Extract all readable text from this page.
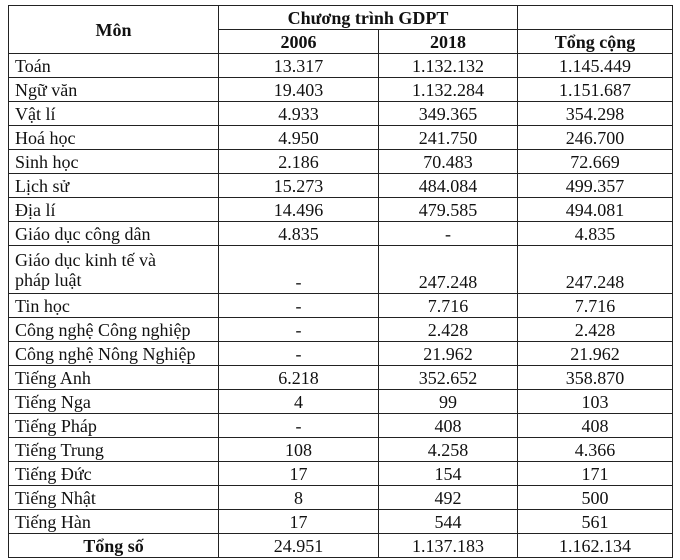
Môn	Chương trình GDPT		
	2006	2018	Tổng cộng
Toán	13.317	1.132.132	1.145.449
Ngữ văn	19.403	1.132.284	1.151.687
Vật lí	4.933	349.365	354.298
Hoá học	4.950	241.750	246.700
Sinh học	2.186	70.483	72.669
Lịch sử	15.273	484.084	499.357
Địa lí	14.496	479.585	494.081
Giáo dục công dân	4.835	-	4.835

Giáo dục kinh tế và
pháp luật	-	247.248	247.248
Tin học	-	7.716	7.716
Công nghệ Công nghiệp	-	2.428	2.428
Công nghệ Nông Nghiệp	-	21.962	21.962
Tiếng Anh	6.218	352.652	358.870
Tiếng Nga	4	99	103
Tiếng Pháp	-	408	408
Tiếng Trung	108	4.258	4.366
Tiếng Đức	17	154	171
Tiếng Nhật	8	492	500
Tiếng Hàn	17	544	561
Tổng số	24.951	1.137.183	1.162.134
